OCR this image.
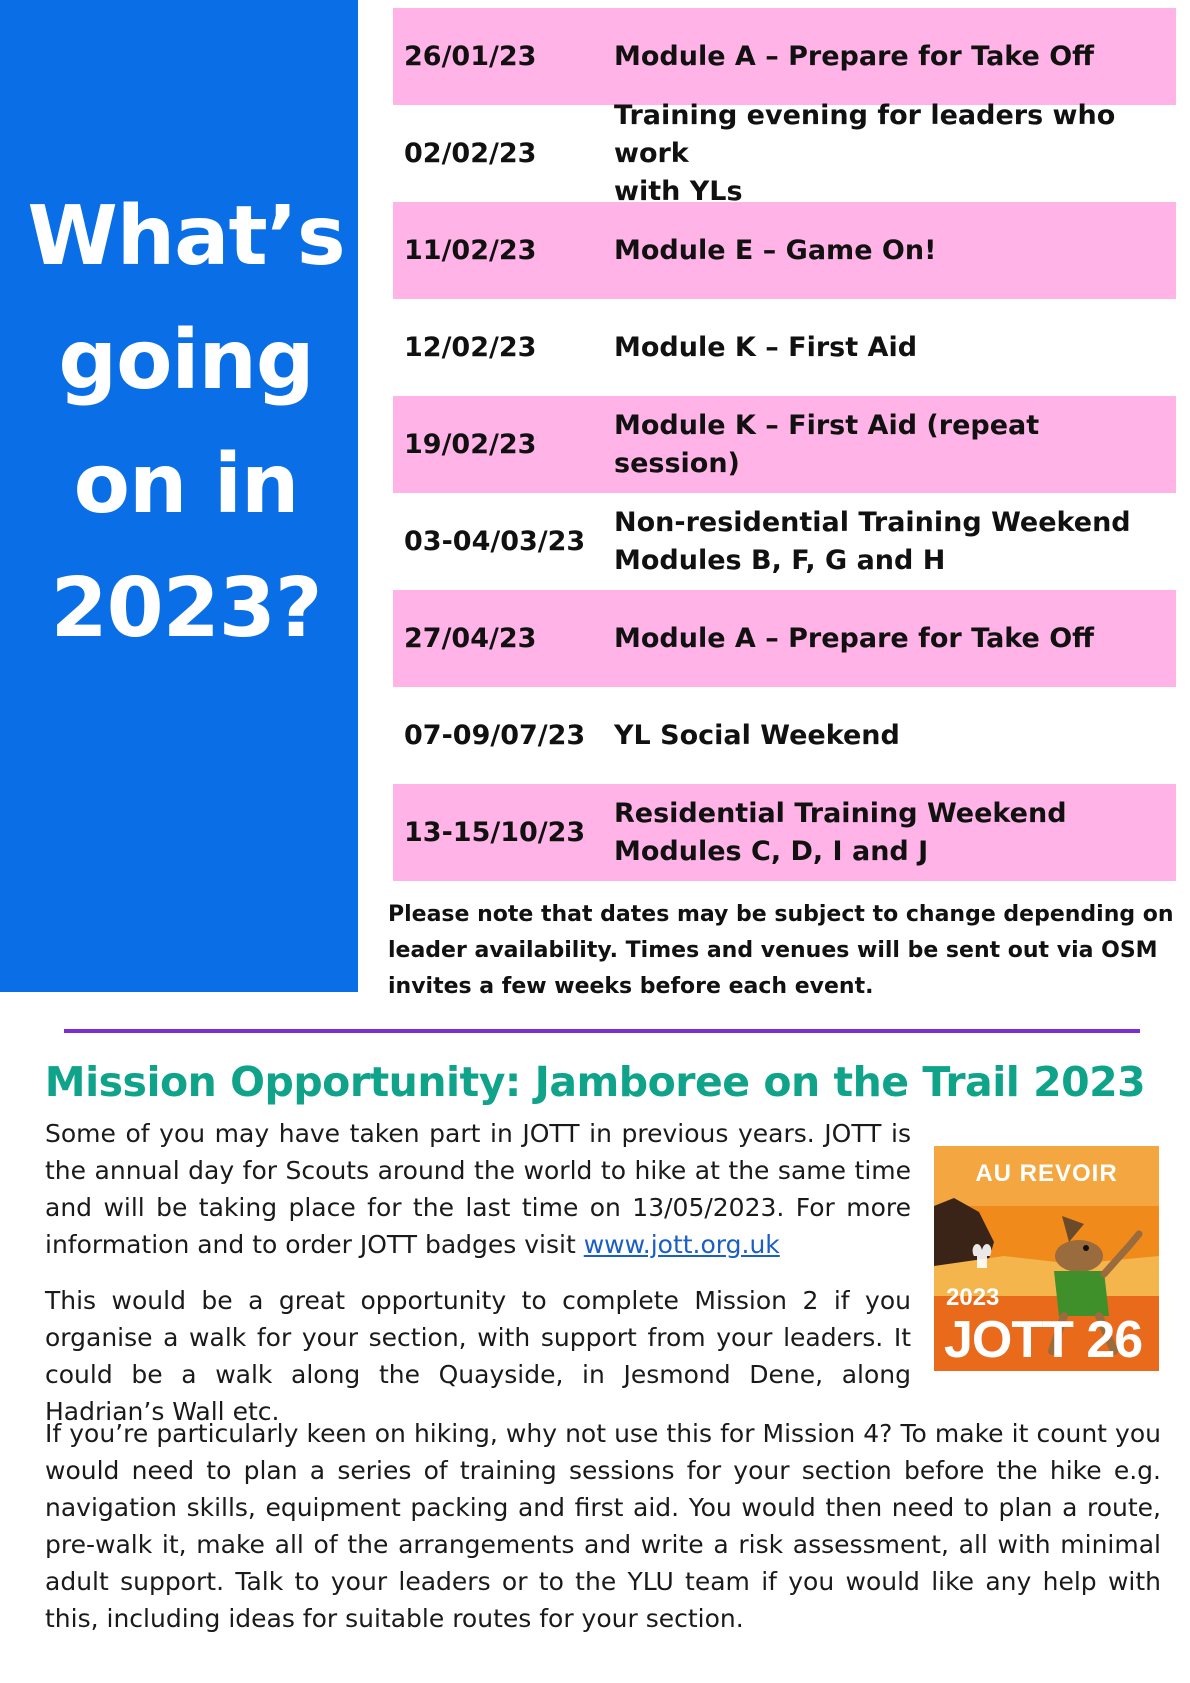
What’s
going
on in
2023?
26/01/23	Module A – Prepare for Take Off
02/02/23
Training evening for leaders who work
with YLs
11/02/23	Module E – Game On!
12/02/23	Module K – First Aid
19/02/23
Module K – First Aid (repeat session)
03-04/03/23
Non-residential Training Weekend
Modules B, F, G and H
27/04/23	Module A – Prepare for Take Off
07-09/07/23	YL Social Weekend
13-15/10/23
Residential Training Weekend
Modules C, D, I and J

Please note that dates may be subject to change depending on leader availability. Times and venues will be sent out via OSM invites a few weeks before each event.

Mission Opportunity: Jamboree on the Trail 2023

Some of you may have taken part in JOTT in previous years. JOTT is the annual day for Scouts around the world to hike at the same time and will be taking place for the last time on 13/05/2023. For more information and to order JOTT badges visit www.jott.org.uk

This would be a great opportunity to complete Mission 2 if you organise a walk for your section, with support from your leaders. It could be a walk along the Quayside, in Jesmond Dene, along Hadrian’s Wall etc.

If you’re particularly keen on hiking, why not use this for Mission 4? To make it count you would need to plan a series of training sessions for your section before the hike e.g. navigation skills, equipment packing and first aid. You would then need to plan a route, pre-walk it, make all of the arrangements and write a risk assessment, all with minimal adult support. Talk to your leaders or to the YLU team if you would like any help with this, including ideas for suitable routes for your section.

AU REVOIR
2023
JOTT 26
